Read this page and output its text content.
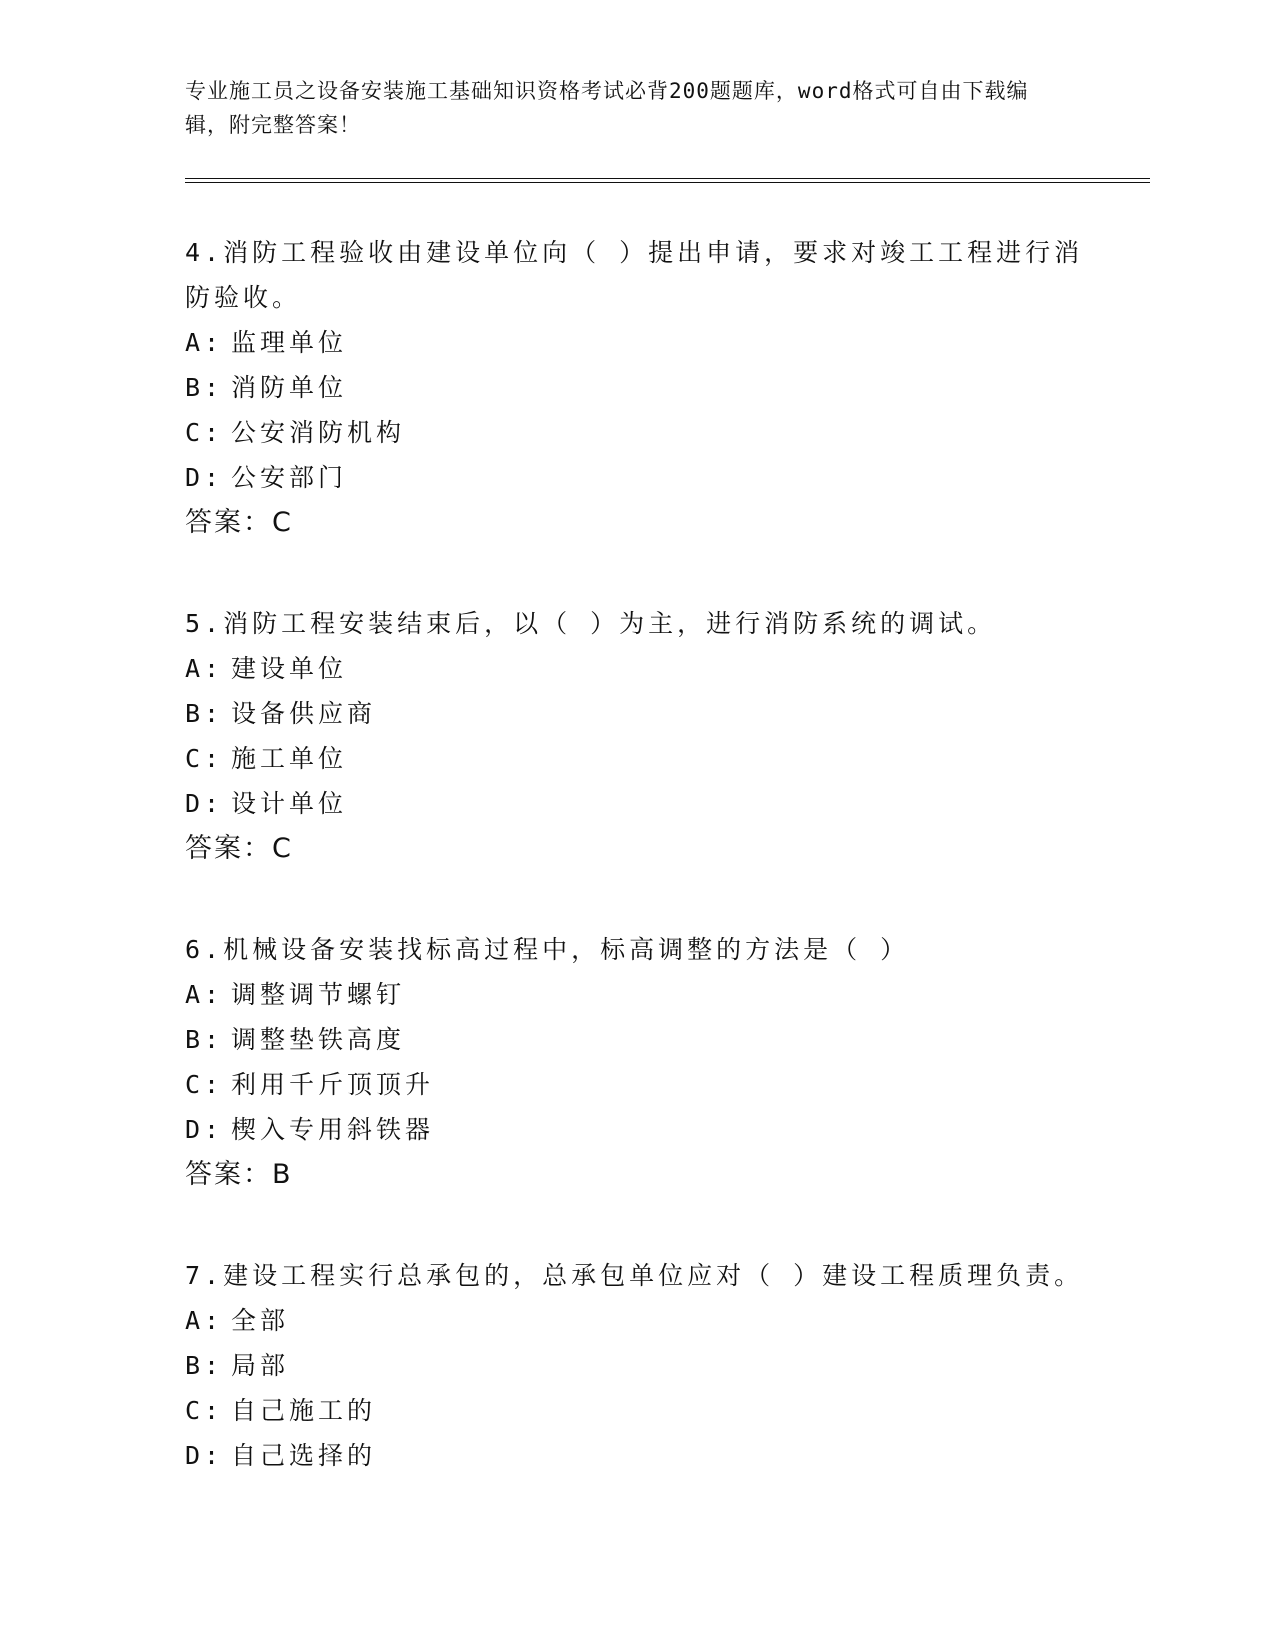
专业施工员之设备安装施工基础知识资格考试必背200题题库，word格式可自由下载编辑，附完整答案！
4.消防工程验收由建设单位向（ ）提出申请，要求对竣工工程进行消防验收。
A: 监理单位
B: 消防单位
C: 公安消防机构
D: 公安部门
答案：C
5.消防工程安装结束后，以（ ）为主，进行消防系统的调试。
A: 建设单位
B: 设备供应商
C: 施工单位
D: 设计单位
答案：C
6.机械设备安装找标高过程中，标高调整的方法是（ ）
A: 调整调节螺钉
B: 调整垫铁高度
C: 利用千斤顶顶升
D: 楔入专用斜铁器
答案：B
7.建设工程实行总承包的，总承包单位应对（ ）建设工程质理负责。
A: 全部
B: 局部
C: 自己施工的
D: 自己选择的
